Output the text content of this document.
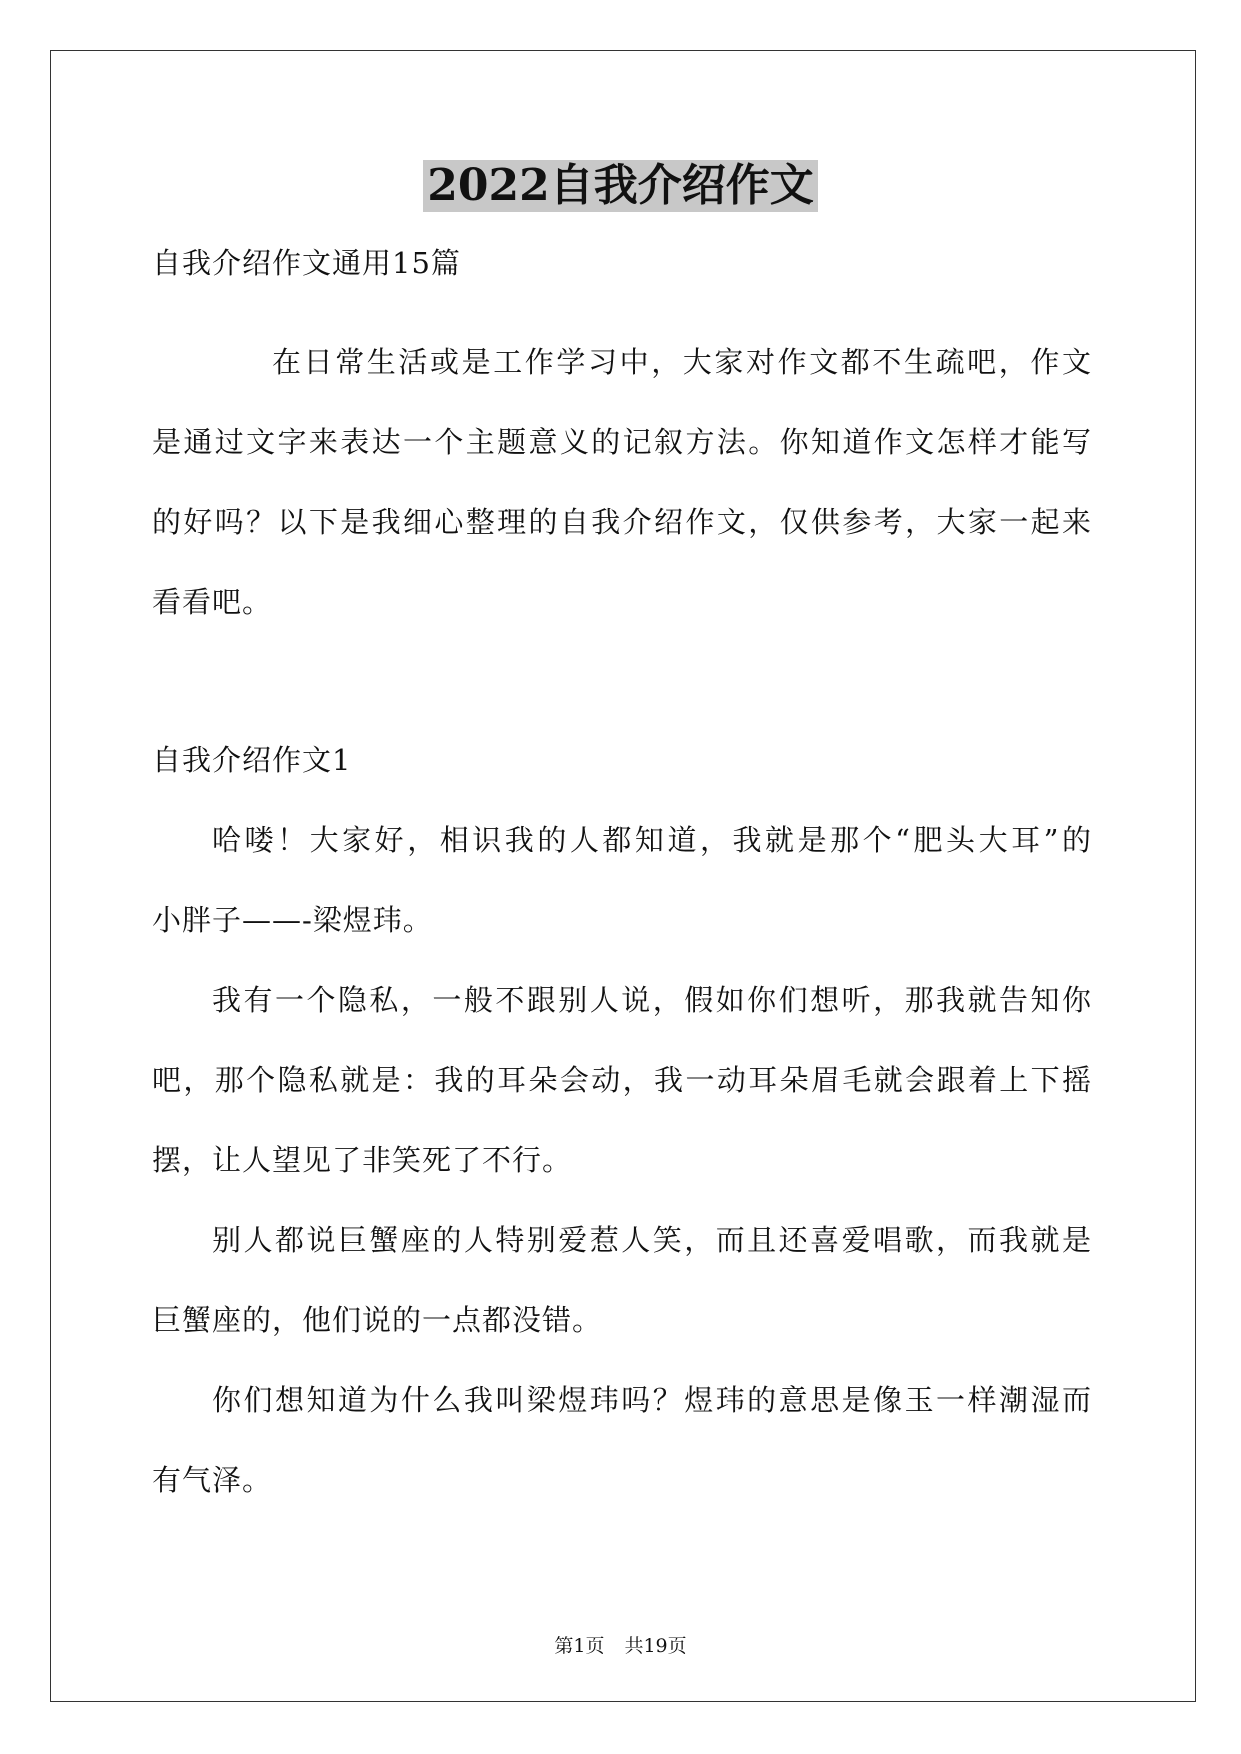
2022自我介绍作文
自我介绍作文通用15篇
在日常生活或是工作学习中，大家对作文都不生疏吧，作文
是通过文字来表达一个主题意义的记叙方法。你知道作文怎样才能写
的好吗？以下是我细心整理的自我介绍作文，仅供参考，大家一起来
看看吧。
自我介绍作文1
哈喽！大家好，相识我的人都知道，我就是那个“肥头大耳”的
小胖子——-梁煜玮。
我有一个隐私，一般不跟别人说，假如你们想听，那我就告知你
吧，那个隐私就是：我的耳朵会动，我一动耳朵眉毛就会跟着上下摇
摆，让人望见了非笑死了不行。
别人都说巨蟹座的人特别爱惹人笑，而且还喜爱唱歌，而我就是
巨蟹座的，他们说的一点都没错。
你们想知道为什么我叫梁煜玮吗？煜玮的意思是像玉一样潮湿而
有气泽。
第1页 共19页
